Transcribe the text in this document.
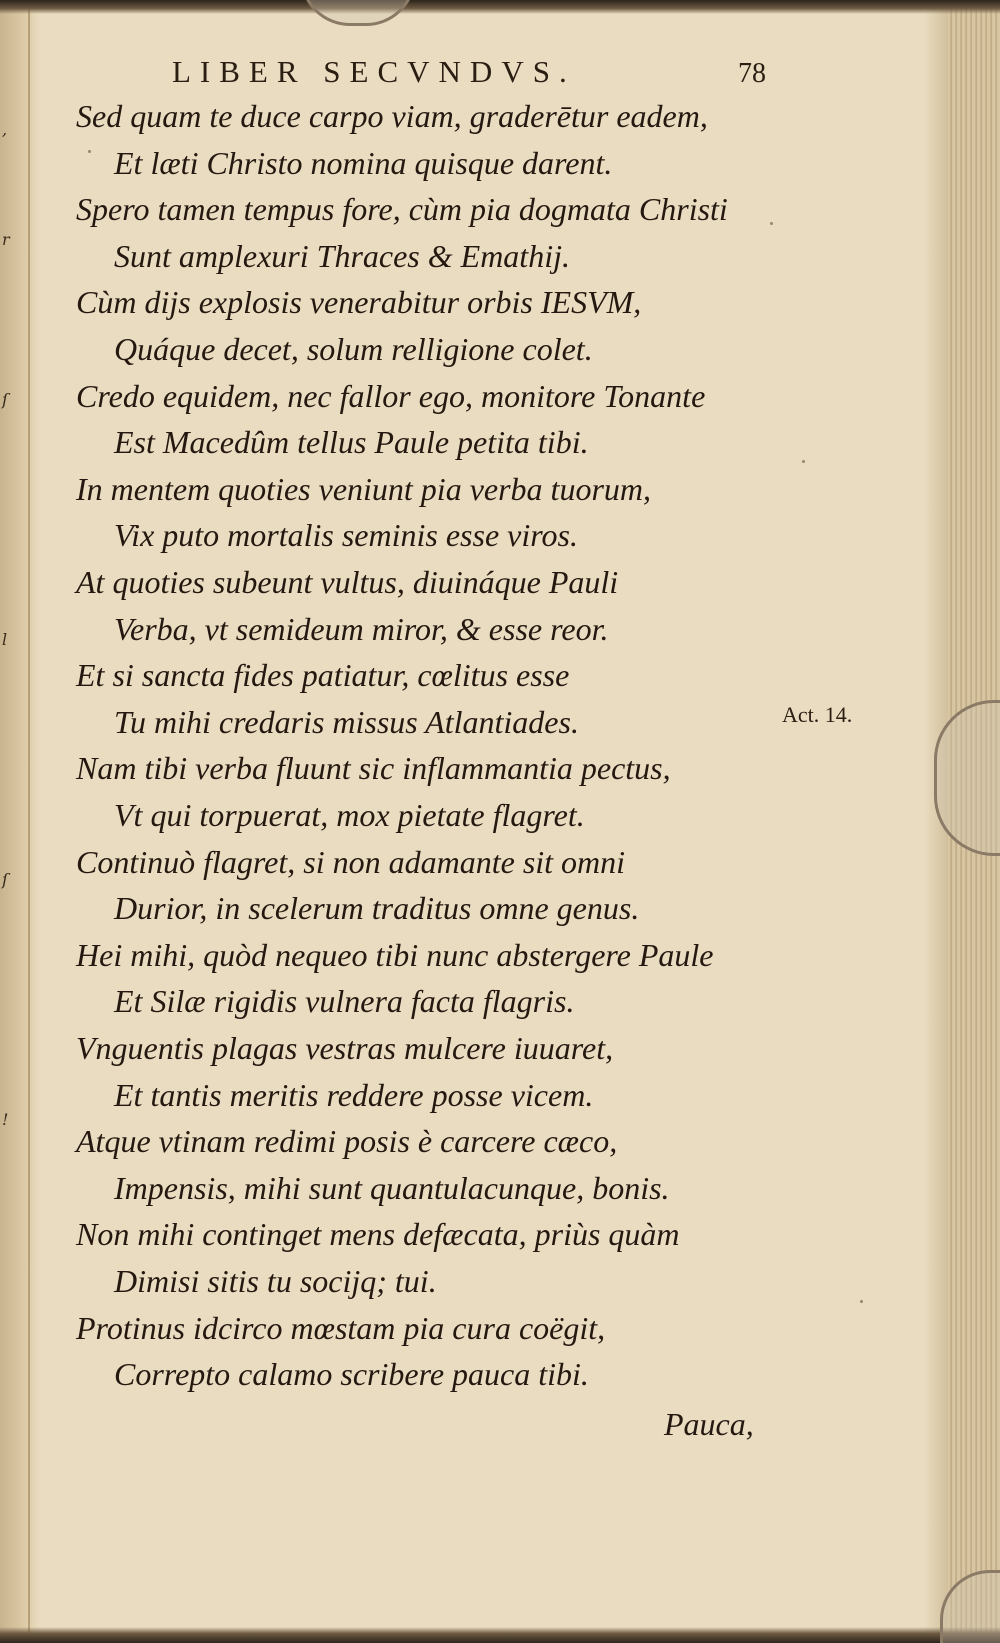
,
r
ſ
l
ſ
!
LIBER SECVNDVS.	78
Sed quam te duce carpo viam, graderētur eadem,
Et læti Christo nomina quisque darent.
Spero tamen tempus fore, cùm pia dogmata Christi
Sunt amplexuri Thraces & Emathij.
Cùm dijs explosis venerabitur orbis IESVM,
Quáque decet, solum relligione colet.
Credo equidem, nec fallor ego, monitore Tonante
Est Macedûm tellus Paule petita tibi.
In mentem quoties veniunt pia verba tuorum,
Vix puto mortalis seminis esse viros.
At quoties subeunt vultus, diuináque Pauli
Verba, vt semideum miror, & esse reor.
Et si sancta fides patiatur, cœlitus esse
Tu mihi credaris missus Atlantiades.
Nam tibi verba fluunt sic inflammantia pectus,
Vt qui torpuerat, mox pietate flagret.
Continuò flagret, si non adamante sit omni
Durior, in scelerum traditus omne genus.
Hei mihi, quòd nequeo tibi nunc abstergere Paule
Et Silæ rigidis vulnera facta flagris.
Vnguentis plagas vestras mulcere iuuaret,
Et tantis meritis reddere posse vicem.
Atque vtinam redimi posis è carcere cæco,
Impensis, mihi sunt quantulacunque, bonis.
Non mihi continget mens defæcata, priùs quàm
Dimisi sitis tu socijq; tui.
Protinus idcirco mœstam pia cura coëgit,
Correpto calamo scribere pauca tibi.
Act. 14.
Pauca,
